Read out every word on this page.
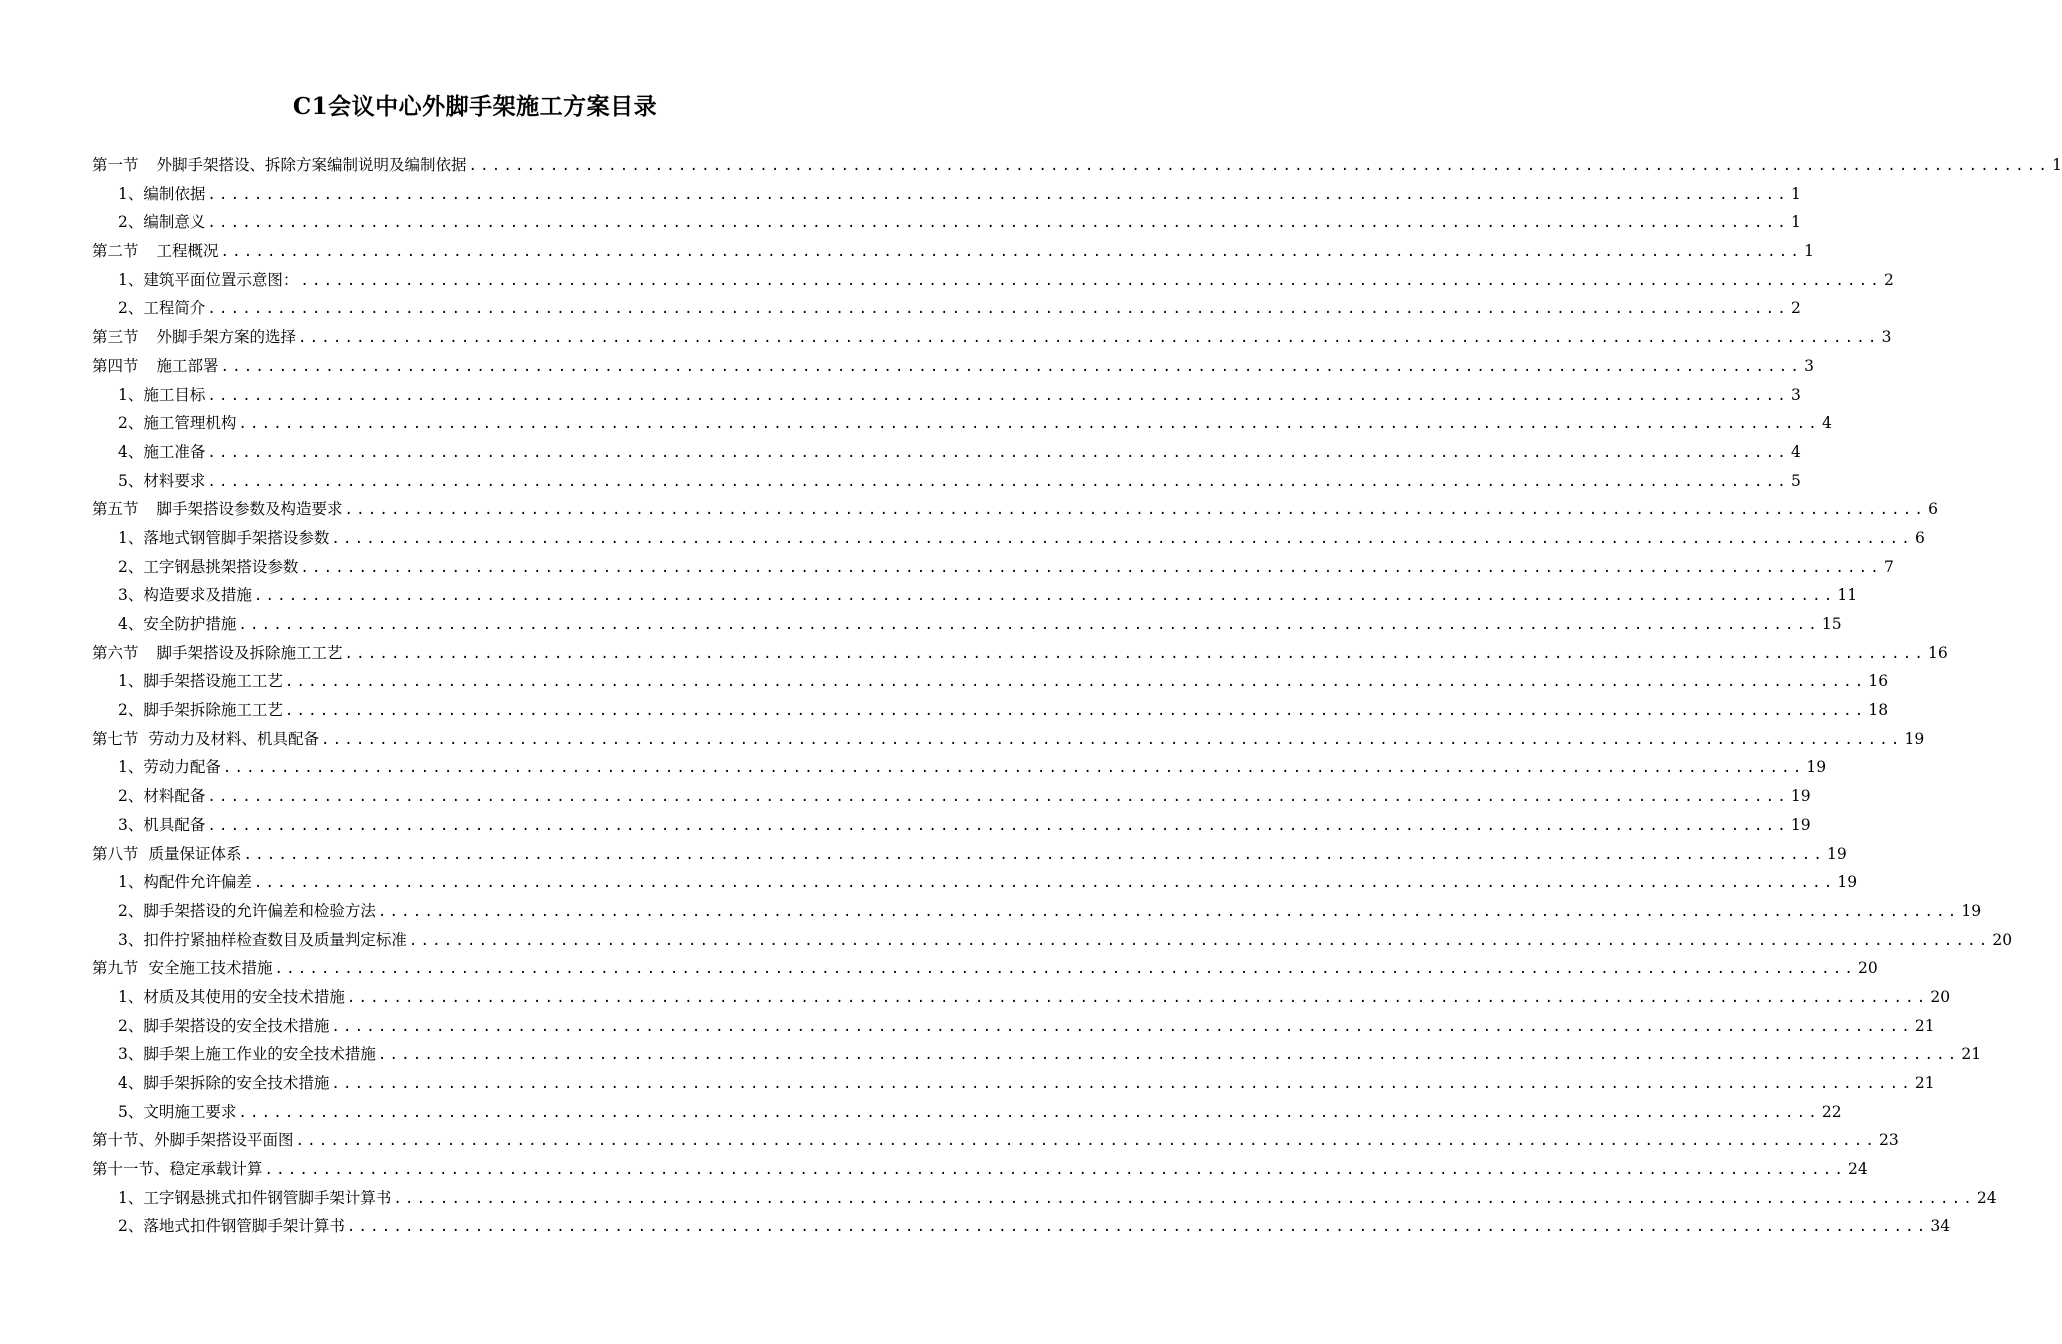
C1会议中心外脚手架施工方案目录
第一节 外脚手架搭设、拆除方案编制说明及编制依据 ........................................................................................................................................ 1
1、编制依据 ........................................................................................................................................ 1
2、编制意义 ........................................................................................................................................ 1
第二节 工程概况 ........................................................................................................................................ 1
1、建筑平面位置示意图： ........................................................................................................................................ 2
2、工程简介 ........................................................................................................................................ 2
第三节 外脚手架方案的选择 ........................................................................................................................................ 3
第四节 施工部署 ........................................................................................................................................ 3
1、施工目标 ........................................................................................................................................ 3
2、施工管理机构 ........................................................................................................................................ 4
4、施工准备 ........................................................................................................................................ 4
5、材料要求 ........................................................................................................................................ 5
第五节 脚手架搭设参数及构造要求 ........................................................................................................................................ 6
1、落地式钢管脚手架搭设参数 ........................................................................................................................................ 6
2、工字钢悬挑架搭设参数 ........................................................................................................................................ 7
3、构造要求及措施 ........................................................................................................................................ 11
4、安全防护措施 ........................................................................................................................................ 15
第六节 脚手架搭设及拆除施工工艺 ........................................................................................................................................ 16
1、脚手架搭设施工工艺 ........................................................................................................................................ 16
2、脚手架拆除施工工艺 ........................................................................................................................................ 18
第七节 劳动力及材料、机具配备 ........................................................................................................................................ 19
1、劳动力配备 ........................................................................................................................................ 19
2、材料配备 ........................................................................................................................................ 19
3、机具配备 ........................................................................................................................................ 19
第八节 质量保证体系 ........................................................................................................................................ 19
1、构配件允许偏差 ........................................................................................................................................ 19
2、脚手架搭设的允许偏差和检验方法 ........................................................................................................................................ 19
3、扣件拧紧抽样检查数目及质量判定标准 ........................................................................................................................................ 20
第九节 安全施工技术措施 ........................................................................................................................................ 20
1、材质及其使用的安全技术措施 ........................................................................................................................................ 20
2、脚手架搭设的安全技术措施 ........................................................................................................................................ 21
3、脚手架上施工作业的安全技术措施 ........................................................................................................................................ 21
4、脚手架拆除的安全技术措施 ........................................................................................................................................ 21
5、文明施工要求 ........................................................................................................................................ 22
第十节、外脚手架搭设平面图 ........................................................................................................................................ 23
第十一节、稳定承载计算 ........................................................................................................................................ 24
1、工字钢悬挑式扣件钢管脚手架计算书 ........................................................................................................................................ 24
2、落地式扣件钢管脚手架计算书 ........................................................................................................................................ 34
